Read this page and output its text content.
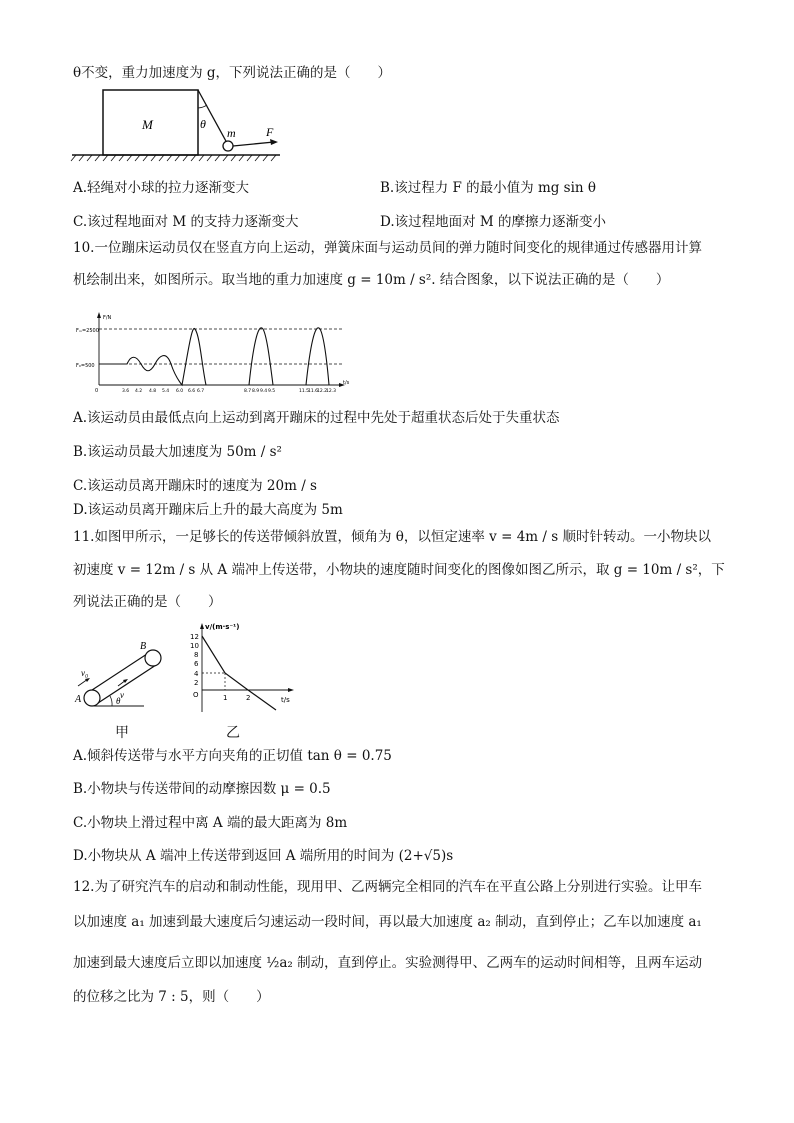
θ不变，重力加速度为 g，下列说法正确的是（　　）
M	θ
m	F
A.轻绳对小球的拉力逐渐变大	B.该过程力 F 的最小值为 mg sin θ
C.该过程地面对 M 的支持力逐渐变大	D.该过程地面对 M 的摩擦力逐渐变小
10.一位蹦床运动员仅在竖直方向上运动，弹簧床面与运动员间的弹力随时间变化的规律通过传感器用计算
机绘制出来，如图所示。取当地的重力加速度 g = 10m / s². 结合图象，以下说法正确的是（　　）
F/N
t/s
Fₘ=2500
F₀=500
0	3.6 4.2 4.8 5.4 6.0 6.6 6.7	8.7 8.9 9.4 9.5	11.5
11.6
12.2
12.3
A.该运动员由最低点向上运动到离开蹦床的过程中先处于超重状态后处于失重状态
B.该运动员最大加速度为 50m / s²
C.该运动员离开蹦床时的速度为 20m / s
D.该运动员离开蹦床后上升的最大高度为 5m
11.如图甲所示，一足够长的传送带倾斜放置，倾角为 θ，以恒定速率 v = 4m / s 顺时针转动。一小物块以
初速度 v = 12m / s 从 A 端冲上传送带，小物块的速度随时间变化的图像如图乙所示，取 g = 10m / s²，下
列说法正确的是（　　）
θ
A
B
v₀
v
甲
v/(m·s⁻¹)
t/s
12
10
8
6
4
2
O	1	2
乙
A.倾斜传送带与水平方向夹角的正切值 tan θ = 0.75
B.小物块与传送带间的动摩擦因数 μ = 0.5
C.小物块上滑过程中离 A 端的最大距离为 8m
D.小物块从 A 端冲上传送带到返回 A 端所用的时间为 (2+√5)s
12.为了研究汽车的启动和制动性能，现用甲、乙两辆完全相同的汽车在平直公路上分别进行实验。让甲车
以加速度 a₁ 加速到最大速度后匀速运动一段时间，再以最大加速度 a₂ 制动，直到停止；乙车以加速度 a₁
加速到最大速度后立即以加速度 ½a₂ 制动，直到停止。实验测得甲、乙两车的运动时间相等，且两车运动
的位移之比为 7 : 5，则（　　）
